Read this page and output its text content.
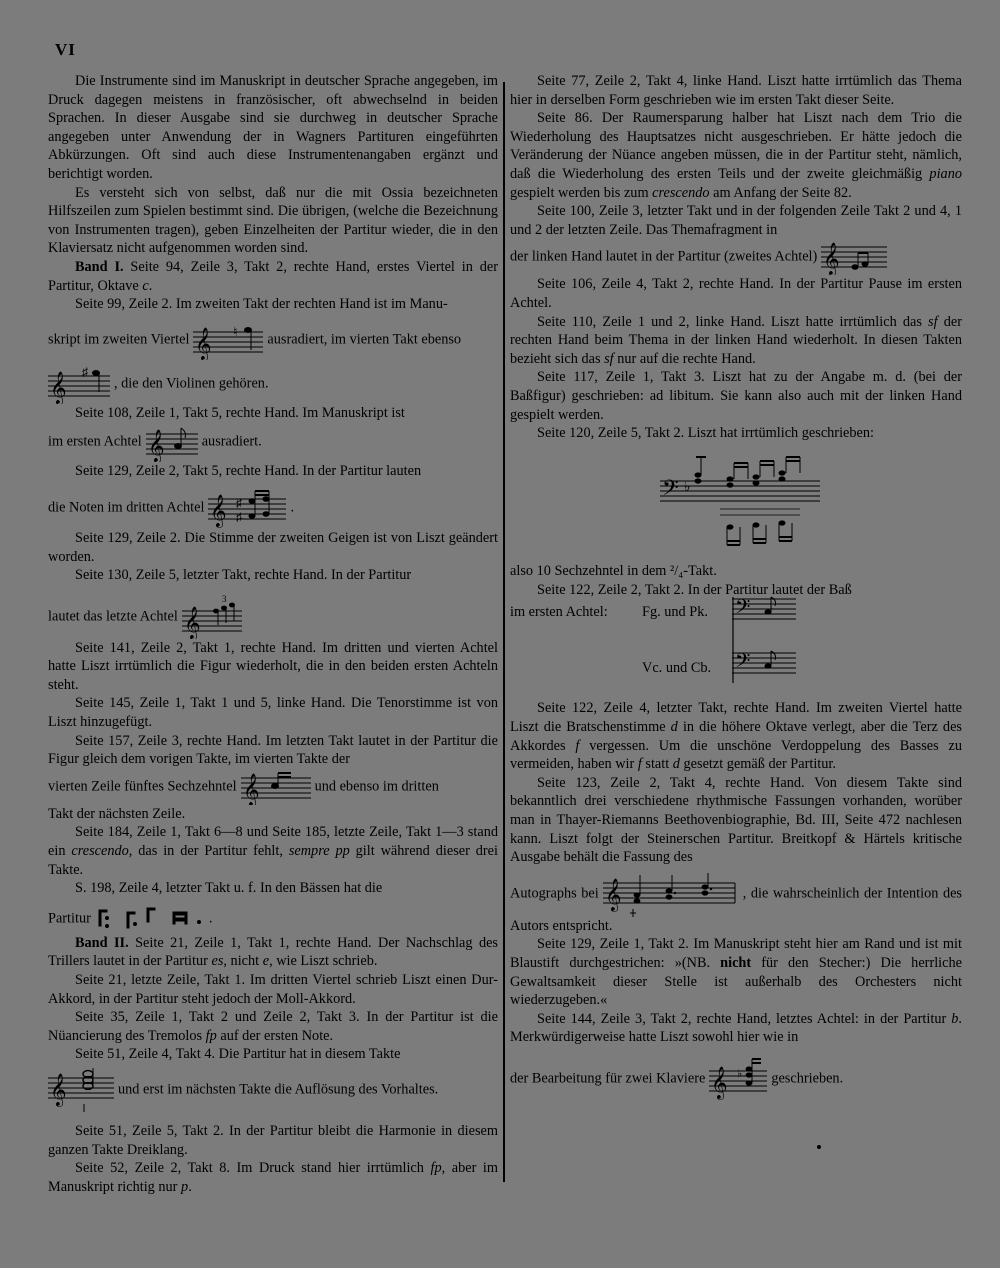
VI

Die Instrumente sind im Manuskript in deutscher Sprache angegeben, im Druck dagegen meistens in französischer, oft abwechselnd in beiden Sprachen. In dieser Ausgabe sind sie durchweg in deutscher Sprache angegeben unter Anwendung der in Wagners Partituren eingeführten Abkürzungen. Oft sind auch diese Instrumentenangaben ergänzt und berichtigt worden.

Es versteht sich von selbst, daß nur die mit Ossia bezeichneten Hilfszeilen zum Spielen bestimmt sind. Die übrigen, (welche die Bezeichnung von Instrumenten tragen), geben Einzelheiten der Partitur wieder, die in den Klaviersatz nicht aufgenommen worden sind.

Band I. Seite 94, Zeile 3, Takt 2, rechte Hand, erstes Viertel in der Partitur, Oktave c.

Seite 99, Zeile 2. Im zweiten Takt der rechten Hand ist im Manu-

skript im zweiten Viertel 𝄞 ♮ ausradiert, im vierten Takt ebenso

𝄞 ♯
, die den Violinen gehören.

Seite 108, Zeile 1, Takt 5, rechte Hand. Im Manuskript ist

im ersten Achtel 𝄞	ausradiert.

Seite 129, Zeile 2, Takt 5, rechte Hand. In der Partitur lauten

die Noten im dritten Achtel 𝄞 ♯
♯
.

Seite 129, Zeile 2. Die Stimme der zweiten Geigen ist von Liszt geändert worden.

Seite 130, Zeile 5, letzter Takt, rechte Hand. In der Partitur

lautet das letzte Achtel 𝄞
3

Seite 141, Zeile 2, Takt 1, rechte Hand. Im dritten und vierten Achtel hatte Liszt irrtümlich die Figur wiederholt, die in den beiden ersten Achteln steht.

Seite 145, Zeile 1, Takt 1 und 5, linke Hand. Die Tenorstimme ist von Liszt hinzugefügt.

Seite 157, Zeile 3, rechte Hand. Im letzten Takt lautet in der Partitur die Figur gleich dem vorigen Takte, im vierten Takte der

vierten Zeile fünftes Sechzehntel 𝄞	und ebenso im dritten

Takt der nächsten Zeile.

Seite 184, Zeile 1, Takt 6—8 und Seite 185, letzte Zeile, Takt 1—3 stand ein crescendo, das in der Partitur fehlt, sempre pp gilt während dieser drei Takte.

S. 198, Zeile 4, letzter Takt u. f. In den Bässen hat die

Partitur	.

Band II. Seite 21, Zeile 1, Takt 1, rechte Hand. Der Nachschlag des Trillers lautet in der Partitur es, nicht e, wie Liszt schrieb.

Seite 21, letzte Zeile, Takt 1. Im dritten Viertel schrieb Liszt einen Dur-Akkord, in der Partitur steht jedoch der Moll-Akkord.

Seite 35, Zeile 1, Takt 2 und Zeile 2, Takt 3. In der Partitur ist die Nüancierung des Tremolos fp auf der ersten Note.

Seite 51, Zeile 4, Takt 4. Die Partitur hat in diesem Takte

𝄞	und erst im nächsten Takte die Auflösung des Vorhaltes.

Seite 51, Zeile 5, Takt 2. In der Partitur bleibt die Harmonie in diesem ganzen Takte Dreiklang.

Seite 52, Zeile 2, Takt 8. Im Druck stand hier irrtümlich fp, aber im Manuskript richtig nur p.

Seite 77, Zeile 2, Takt 4, linke Hand. Liszt hatte irrtümlich das Thema hier in derselben Form geschrieben wie im ersten Takt dieser Seite.

Seite 86. Der Raumersparung halber hat Liszt nach dem Trio die Wiederholung des Hauptsatzes nicht ausgeschrieben. Er hätte jedoch die Veränderung der Nüance angeben müssen, die in der Partitur steht, nämlich, daß die Wiederholung des ersten Teils und der zweite gleichmäßig piano gespielt werden bis zum crescendo am Anfang der Seite 82.

Seite 100, Zeile 3, letzter Takt und in der folgenden Zeile Takt 2 und 4, 1 und 2 der letzten Zeile. Das Themafragment in

der linken Hand lautet in der Partitur (zweites Achtel) 𝄞

Seite 106, Zeile 4, Takt 2, rechte Hand. In der Partitur Pause im ersten Achtel.

Seite 110, Zeile 1 und 2, linke Hand. Liszt hatte irrtümlich das sf der rechten Hand beim Thema in der linken Hand wiederholt. In diesen Takten bezieht sich das sf nur auf die rechte Hand.

Seite 117, Zeile 1, Takt 3. Liszt hat zu der Angabe m. d. (bei der Baßfigur) geschrieben: ad libitum. Sie kann also auch mit der linken Hand gespielt werden.

Seite 120, Zeile 5, Takt 2. Liszt hat irrtümlich geschrieben:

𝄢 ♭

also 10 Sechzehntel in dem ²/₄-Takt.

Seite 122, Zeile 2, Takt 2. In der Partitur lautet der Baß

im ersten Achtel: Fg. und Pk.
Vc. und Cb.
𝄢
𝄢

Seite 122, Zeile 4, letzter Takt, rechte Hand. Im zweiten Viertel hatte Liszt die Bratschenstimme d in die höhere Oktave verlegt, aber die Terz des Akkordes f vergessen. Um die unschöne Verdoppelung des Basses zu vermeiden, haben wir f statt d gesetzt gemäß der Partitur.

Seite 123, Zeile 2, Takt 4, rechte Hand. Von diesem Takte sind bekanntlich drei verschiedene rhythmische Fassungen vorhanden, worüber man in Thayer-Riemanns Beethovenbiographie, Bd. III, Seite 472 nachlesen kann. Liszt folgt der Steinerschen Partitur. Breitkopf & Härtels kritische Ausgabe behält die Fassung des

Autographs bei 𝄞	, die wahrscheinlich der Intention des Autors entspricht.

Seite 129, Zeile 1, Takt 2. Im Manuskript steht hier am Rand und ist mit Blaustift durchgestrichen: »(NB. nicht für den Stecher:) Die herrliche Gewaltsamkeit dieser Stelle ist außerhalb des Orchesters nicht wiederzugeben.«

Seite 144, Zeile 3, Takt 2, rechte Hand, letztes Achtel: in der Partitur b. Merkwürdigerweise hatte Liszt sowohl hier wie in

der Bearbeitung für zwei Klaviere 𝄞 ♭ geschrieben.
